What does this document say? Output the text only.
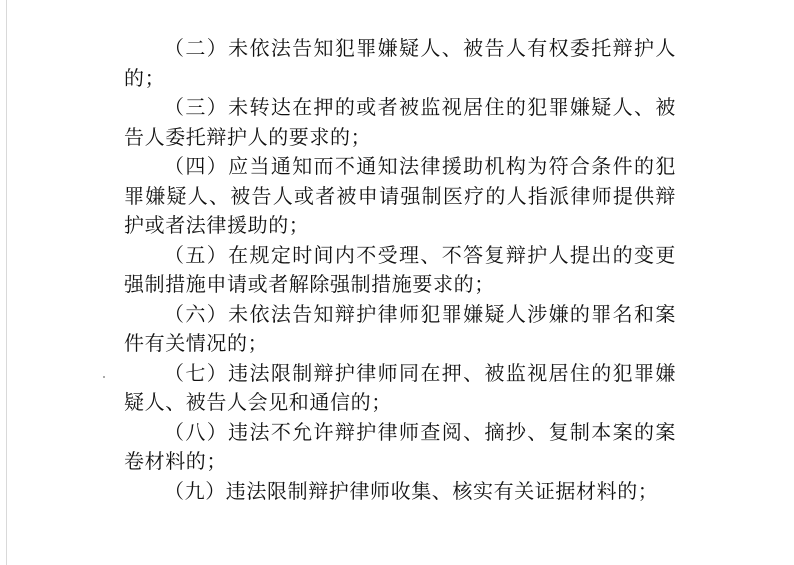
（二）未依法告知犯罪嫌疑人、被告人有权委托辩护人的；

（三）未转达在押的或者被监视居住的犯罪嫌疑人、被告人委托辩护人的要求的；

（四）应当通知而不通知法律援助机构为符合条件的犯罪嫌疑人、被告人或者被申请强制医疗的人指派律师提供辩护或者法律援助的；

（五）在规定时间内不受理、不答复辩护人提出的变更强制措施申请或者解除强制措施要求的；

（六）未依法告知辩护律师犯罪嫌疑人涉嫌的罪名和案件有关情况的；

（七）违法限制辩护律师同在押、被监视居住的犯罪嫌疑人、被告人会见和通信的；

（八）违法不允许辩护律师查阅、摘抄、复制本案的案卷材料的；

（九）违法限制辩护律师收集、核实有关证据材料的；
